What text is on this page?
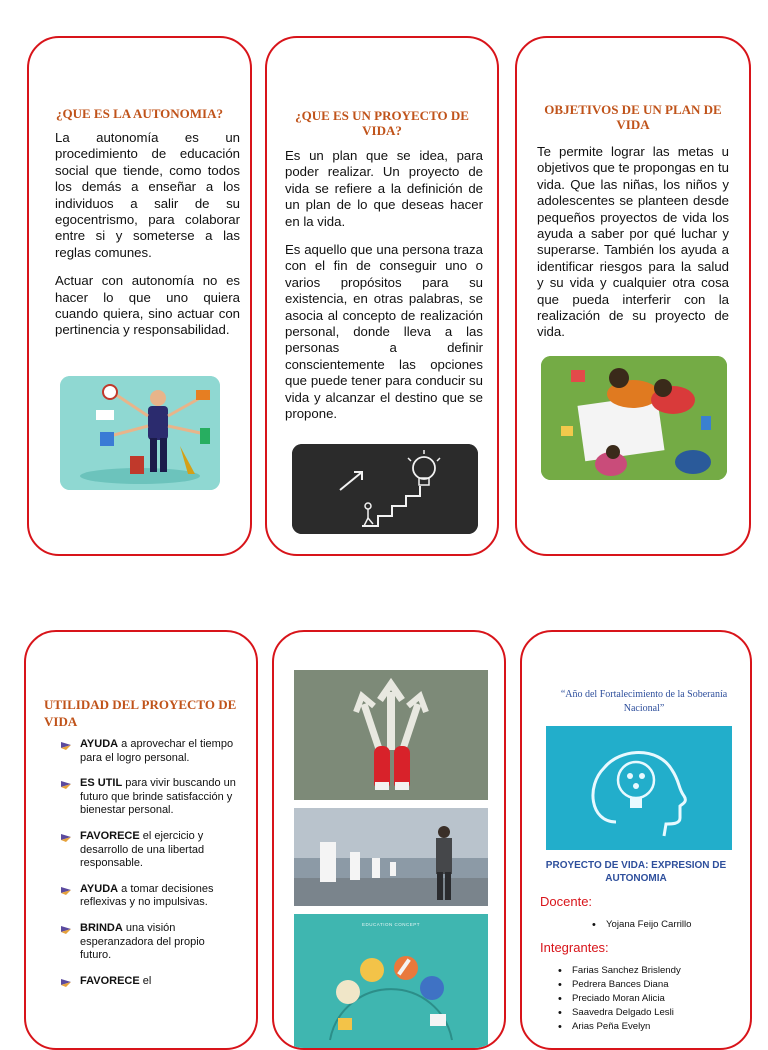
¿QUE ES LA AUTONOMIA?

La autonomía es un procedimiento de educación social que tiende, como todos los demás a enseñar a los individuos a salir de su egocentrismo, para colaborar entre si y someterse a las reglas comunes.

Actuar con autonomía no es hacer lo que uno quiera cuando quiera, sino actuar con pertinencia y responsabilidad.

¿QUE ES UN PROYECTO DE VIDA?

Es un plan que se idea, para poder realizar. Un proyecto de vida se refiere a la definición de un plan de lo que deseas hacer en la vida.

Es aquello que una persona traza con el fin de conseguir uno o varios propósitos para su existencia, en otras palabras, se asocia al concepto de realización personal, donde lleva a las personas a definir conscientemente las opciones que puede tener para conducir su vida y alcanzar el destino que se propone.

OBJETIVOS DE UN PLAN DE VIDA

Te permite lograr las metas u objetivos que te propongas en tu vida. Que las niñas, los niños y adolescentes se planteen desde pequeños proyectos de vida los ayuda a saber por qué luchar y superarse. También los ayuda a identificar riesgos para la salud y su vida y cualquier otra cosa que pueda interferir con la realización de su proyecto de vida.

UTILIDAD DEL PROYECTO DE VIDA
AYUDA a aprovechar el tiempo para el logro personal.
ES UTIL para vivir buscando un futuro que brinde satisfacción y bienestar personal.
FAVORECE el ejercicio y desarrollo de una libertad responsable.
AYUDA a tomar decisiones reflexivas y no impulsivas.
BRINDA una visión esperanzadora del propio futuro.
FAVORECE el
EDUCATION CONCEPT
“Año del Fortalecimiento de la Soberanía Nacional”
PROYECTO DE VIDA: EXPRESION DE AUTONOMIA
Docente:
• Yojana Feijo Carrillo
Integrantes:
• Farias Sanchez Brislendy
• Pedrera Bances Diana
• Preciado Moran Alicia
• Saavedra Delgado Lesli
• Arias Peña Evelyn
